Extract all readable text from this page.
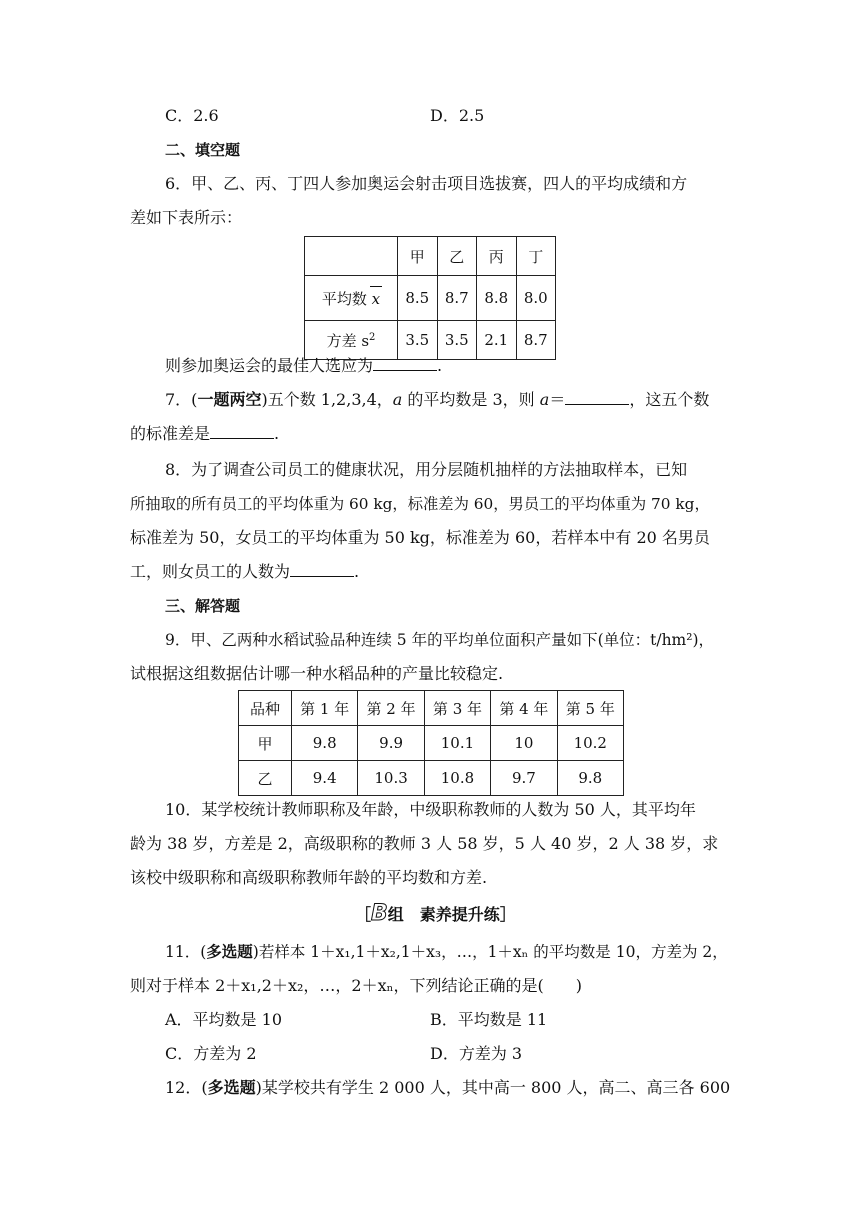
C．2.6	D．2.5
二、填空题
6．甲、乙、丙、丁四人参加奥运会射击项目选拔赛，四人的平均成绩和方
差如下表所示：
	甲	乙	丙	丁
平均数 x	8.5	8.7	8.8	8.0
方差 $s^2$	3.5	3.5	2.1	8.7
则参加奥运会的最佳人选应为	.
7．(一题两空)五个数 1,2,3,4，a 的平均数是 3，则 a＝	，这五个数
的标准差是	.
8．为了调查公司员工的健康状况，用分层随机抽样的方法抽取样本，已知
所抽取的所有员工的平均体重为 60 kg，标准差为 60，男员工的平均体重为 70 kg，
标准差为 50，女员工的平均体重为 50 kg，标准差为 60，若样本中有 20 名男员
工，则女员工的人数为	.
三、解答题
9．甲、乙两种水稻试验品种连续 5 年的平均单位面积产量如下(单位：t/hm²)，
试根据这组数据估计哪一种水稻品种的产量比较稳定.
品种	第 1 年	第 2 年	第 3 年	第 4 年	第 5 年
甲	9.8	9.9	10.1	10	10.2
乙	9.4	10.3	10.8	9.7	9.8
10．某学校统计教师职称及年龄，中级职称教师的人数为 50 人，其平均年
龄为 38 岁，方差是 2，高级职称的教师 3 人 58 岁，5 人 40 岁，2 人 38 岁，求
该校中级职称和高级职称教师年龄的平均数和方差.
［B组　素养提升练］
11．(多选题)若样本 1＋x₁,1＋x₂,1＋x₃，…，1＋xₙ 的平均数是 10，方差为 2，
则对于样本 2＋x₁,2＋x₂，…，2＋xₙ，下列结论正确的是(　　)
A．平均数是 10	B．平均数是 11
C．方差为 2	D．方差为 3
12．(多选题)某学校共有学生 2 000 人，其中高一 800 人，高二、高三各 600
